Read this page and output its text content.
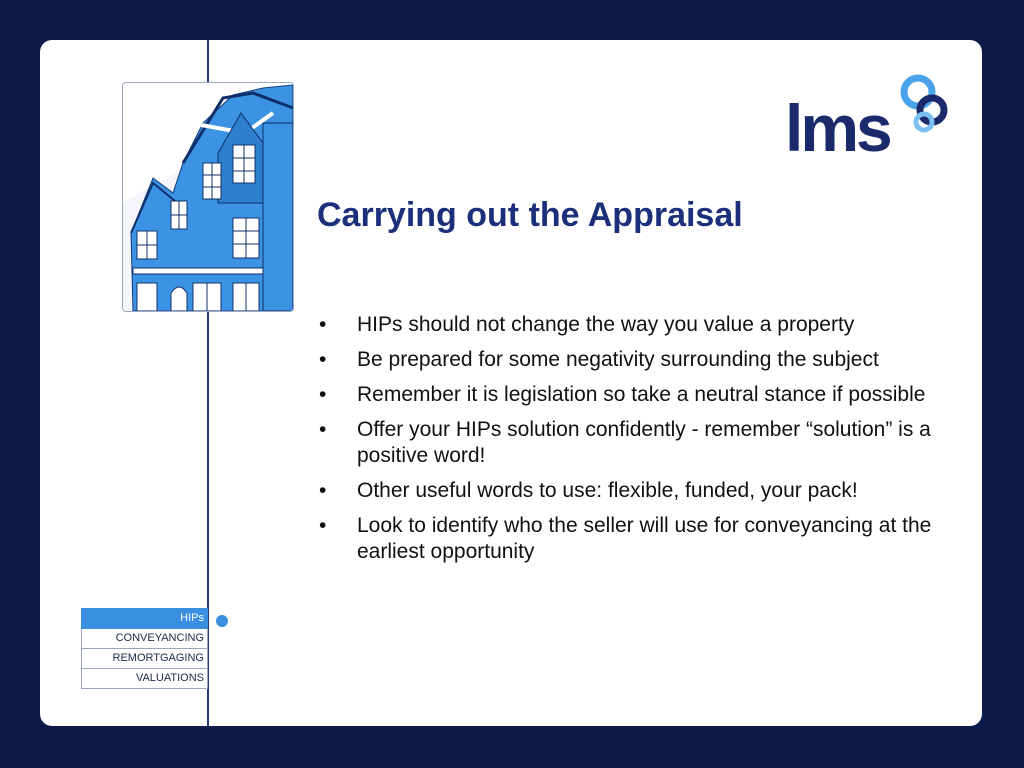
lms
Carrying out the Appraisal
• HIPs should not change the way you value a property
• Be prepared for some negativity surrounding the subject
• Remember it is legislation so take a neutral stance if possible
• Offer your HIPs solution confidently - remember “solution” is a positive word!
• Other useful words to use: flexible, funded, your pack!
• Look to identify who the seller will use for conveyancing at the earliest opportunity
HIPs
CONVEYANCING
REMORTGAGING
VALUATIONS
